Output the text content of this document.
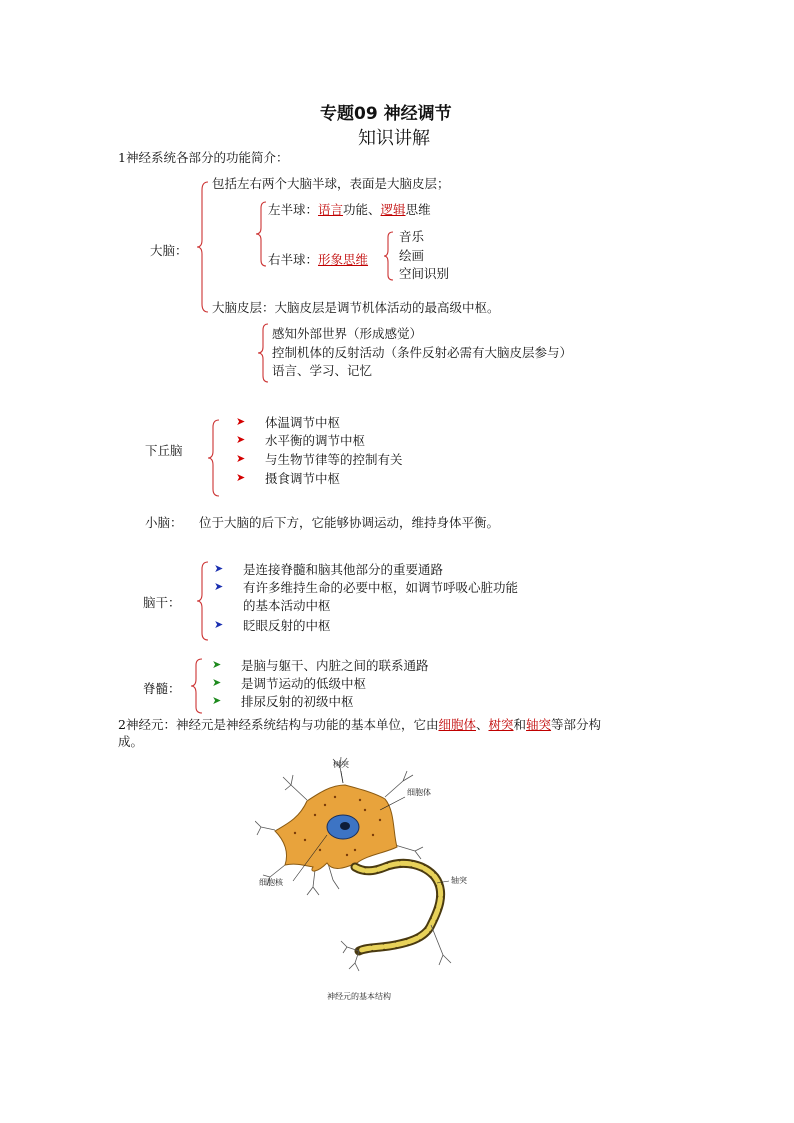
专题09 神经调节
知识讲解
1神经系统各部分的功能简介：
大脑：
包括左右两个大脑半球，表面是大脑皮层；
左半球：语言功能、逻辑思维
右半球：形象思维
音乐
绘画
空间识别
大脑皮层：大脑皮层是调节机体活动的最高级中枢。
感知外部世界（形成感觉）
控制机体的反射活动（条件反射必需有大脑皮层参与）
语言、学习、记忆
下丘脑
➤ 体温调节中枢
➤ 水平衡的调节中枢
➤ 与生物节律等的控制有关
➤ 摄食调节中枢
小脑： 位于大脑的后下方，它能够协调运动，维持身体平衡。
脑干：
➤ 是连接脊髓和脑其他部分的重要通路
➤ 有许多维持生命的必要中枢，如调节呼吸心脏功能
的基本活动中枢
➤ 眨眼反射的中枢
脊髓：
➤ 是脑与躯干、内脏之间的联系通路
➤ 是调节运动的低级中枢
➤ 排尿反射的初级中枢
2神经元：神经元是神经系统结构与功能的基本单位，它由细胞体、树突和轴突等部分构
成。
树突
细胞体
细胞核	轴突
神经元的基本结构
